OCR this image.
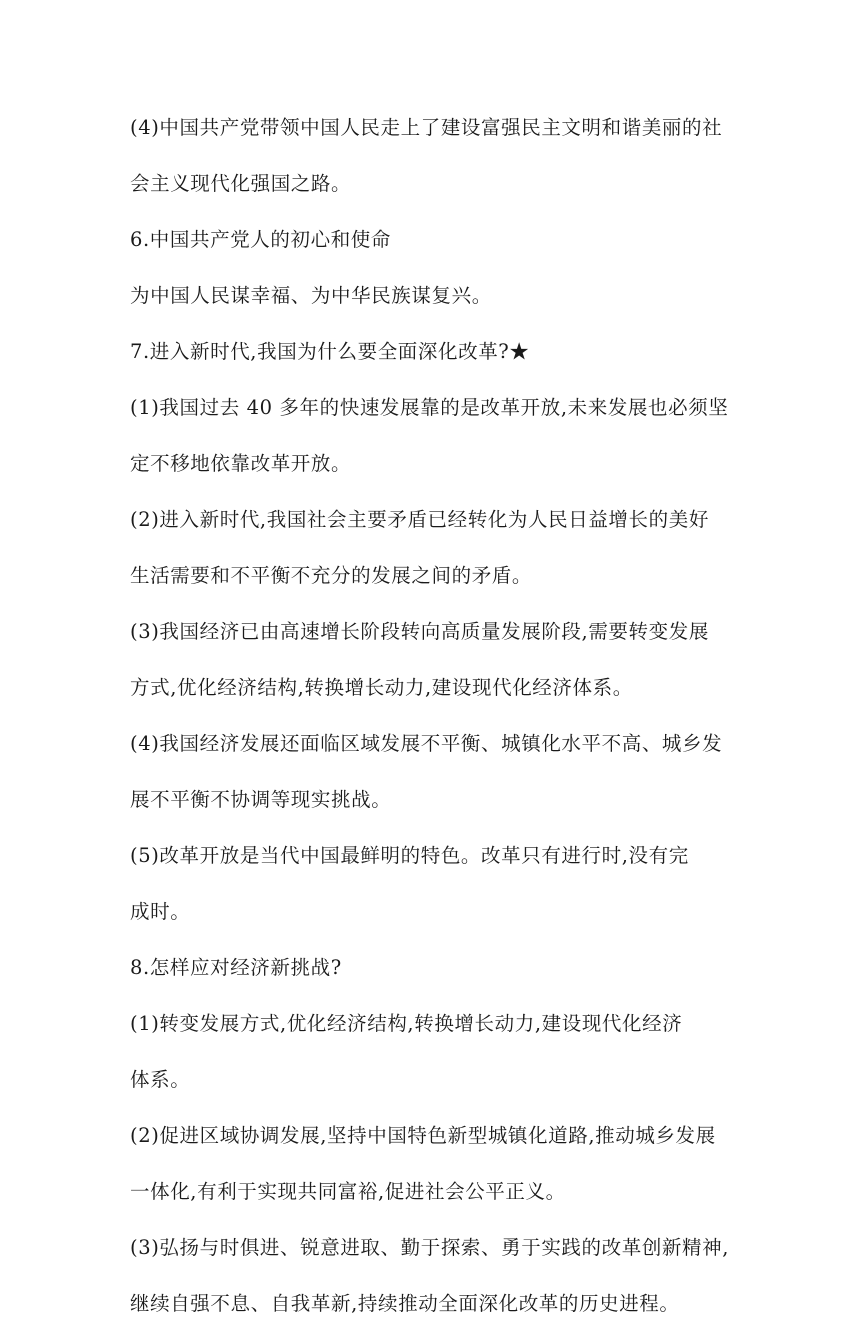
(4)中国共产党带领中国人民走上了建设富强民主文明和谐美丽的社
会主义现代化强国之路。
6.中国共产党人的初心和使命
为中国人民谋幸福、为中华民族谋复兴。
7.进入新时代,我国为什么要全面深化改革?★
(1)我国过去 40 多年的快速发展靠的是改革开放,未来发展也必须坚
定不移地依靠改革开放。
(2)进入新时代,我国社会主要矛盾已经转化为人民日益增长的美好
生活需要和不平衡不充分的发展之间的矛盾。
(3)我国经济已由高速增长阶段转向高质量发展阶段,需要转变发展
方式,优化经济结构,转换增长动力,建设现代化经济体系。
(4)我国经济发展还面临区域发展不平衡、城镇化水平不高、城乡发
展不平衡不协调等现实挑战。
(5)改革开放是当代中国最鲜明的特色。改革只有进行时,没有完
成时。
8.怎样应对经济新挑战?
(1)转变发展方式,优化经济结构,转换增长动力,建设现代化经济
体系。
(2)促进区域协调发展,坚持中国特色新型城镇化道路,推动城乡发展
一体化,有利于实现共同富裕,促进社会公平正义。
(3)弘扬与时俱进、锐意进取、勤于探索、勇于实践的改革创新精神,
继续自强不息、自我革新,持续推动全面深化改革的历史进程。
